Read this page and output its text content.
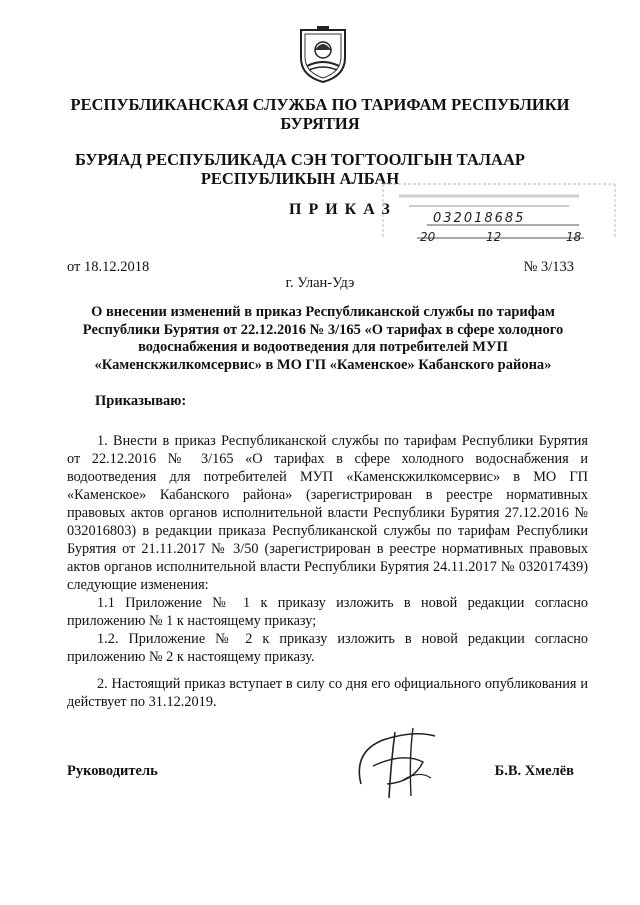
РЕСПУБЛИКАНСКАЯ СЛУЖБА ПО ТАРИФАМ РЕСПУБЛИКИ
БУРЯТИЯ
БУРЯАД РЕСПУБЛИКАДА СЭН ТОГТООЛГЫН ТАЛААР
РЕСПУБЛИКЫН АЛБАН
ПРИКАЗ
032018685
20	12	18
от 18.12.2018	№ 3/133
г. Улан-Удэ
О внесении изменений в приказ Республиканской службы по тарифам
Республики Бурятия от 22.12.2016 № 3/165 «О тарифах в сфере холодного
водоснабжения и водоотведения для потребителей МУП
«Каменскжилкомсервис» в МО ГП «Каменское» Кабанского района»
Приказываю:

1. Внести в приказ Республиканской службы по тарифам Республики Бурятия от 22.12.2016 № 3/165 «О тарифах в сфере холодного водоснабжения и водоотведения для потребителей МУП «Каменскжилкомсервис» в МО ГП «Каменское» Кабанского района» (зарегистрирован в реестре нормативных правовых актов органов исполнительной власти Республики Бурятия 27.12.2016 № 032016803) в редакции приказа Республиканской службы по тарифам Республики Бурятия от 21.11.2017 № 3/50 (зарегистрирован в реестре нормативных правовых актов органов исполнительной власти Республики Бурятия 24.11.2017 № 032017439) следующие изменения:

1.1 Приложение № 1 к приказу изложить в новой редакции согласно приложению № 1 к настоящему приказу;

1.2. Приложение № 2 к приказу изложить в новой редакции согласно приложению № 2 к настоящему приказу.

2. Настоящий приказ вступает в силу со дня его официального опубликования и действует по 31.12.2019.

Руководитель	Б.В. Хмелёв
